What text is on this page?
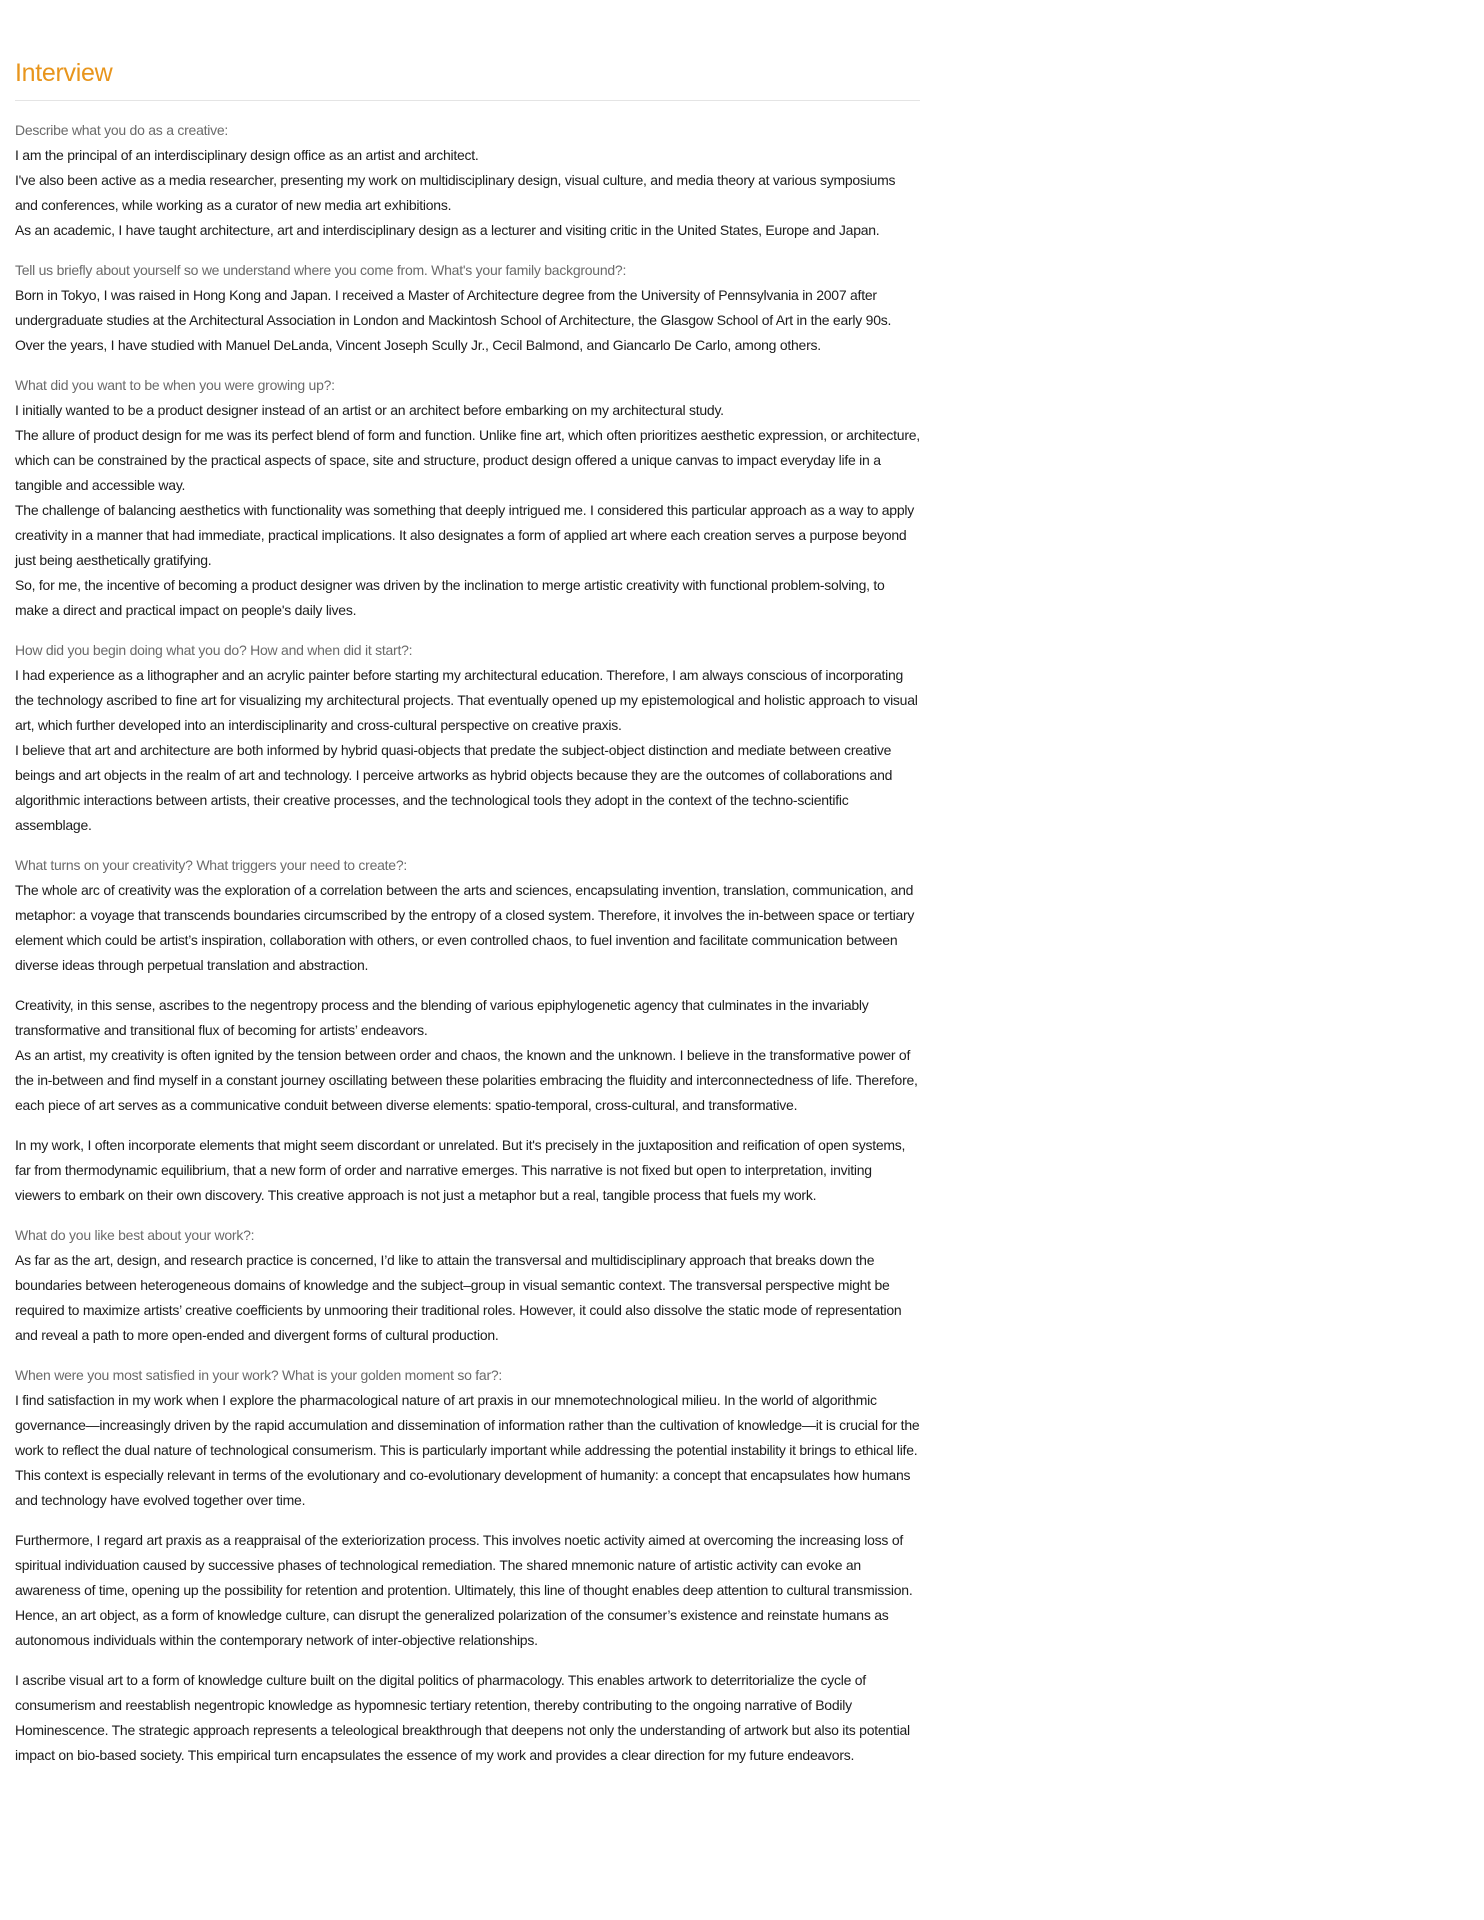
Interview
Describe what you do as a creative:
I am the principal of an interdisciplinary design office as an artist and architect.
I've also been active as a media researcher, presenting my work on multidisciplinary design, visual culture, and media theory at various symposiums and conferences, while working as a curator of new media art exhibitions.
As an academic, I have taught architecture, art and interdisciplinary design as a lecturer and visiting critic in the United States, Europe and Japan.
Tell us briefly about yourself so we understand where you come from. What's your family background?:
Born in Tokyo, I was raised in Hong Kong and Japan. I received a Master of Architecture degree from the University of Pennsylvania in 2007 after undergraduate studies at the Architectural Association in London and Mackintosh School of Architecture, the Glasgow School of Art in the early 90s.
Over the years, I have studied with Manuel DeLanda, Vincent Joseph Scully Jr., Cecil Balmond, and Giancarlo De Carlo, among others.
What did you want to be when you were growing up?:
I initially wanted to be a product designer instead of an artist or an architect before embarking on my architectural study.
The allure of product design for me was its perfect blend of form and function. Unlike fine art, which often prioritizes aesthetic expression, or architecture, which can be constrained by the practical aspects of space, site and structure, product design offered a unique canvas to impact everyday life in a tangible and accessible way.
The challenge of balancing aesthetics with functionality was something that deeply intrigued me. I considered this particular approach as a way to apply creativity in a manner that had immediate, practical implications. It also designates a form of applied art where each creation serves a purpose beyond just being aesthetically gratifying.
So, for me, the incentive of becoming a product designer was driven by the inclination to merge artistic creativity with functional problem-solving, to make a direct and practical impact on people's daily lives.
How did you begin doing what you do? How and when did it start?:
I had experience as a lithographer and an acrylic painter before starting my architectural education. Therefore, I am always conscious of incorporating the technology ascribed to fine art for visualizing my architectural projects. That eventually opened up my epistemological and holistic approach to visual art, which further developed into an interdisciplinarity and cross-cultural perspective on creative praxis.
I believe that art and architecture are both informed by hybrid quasi-objects that predate the subject-object distinction and mediate between creative beings and art objects in the realm of art and technology. I perceive artworks as hybrid objects because they are the outcomes of collaborations and algorithmic interactions between artists, their creative processes, and the technological tools they adopt in the context of the techno-scientific assemblage.
What turns on your creativity? What triggers your need to create?:
The whole arc of creativity was the exploration of a correlation between the arts and sciences, encapsulating invention, translation, communication, and metaphor: a voyage that transcends boundaries circumscribed by the entropy of a closed system. Therefore, it involves the in-between space or tertiary element which could be artist’s inspiration, collaboration with others, or even controlled chaos, to fuel invention and facilitate communication between diverse ideas through perpetual translation and abstraction.
Creativity, in this sense, ascribes to the negentropy process and the blending of various epiphylogenetic agency that culminates in the invariably transformative and transitional flux of becoming for artists’ endeavors.
As an artist, my creativity is often ignited by the tension between order and chaos, the known and the unknown. I believe in the transformative power of the in-between and find myself in a constant journey oscillating between these polarities embracing the fluidity and interconnectedness of life. Therefore, each piece of art serves as a communicative conduit between diverse elements: spatio-temporal, cross-cultural, and transformative.
In my work, I often incorporate elements that might seem discordant or unrelated. But it's precisely in the juxtaposition and reification of open systems, far from thermodynamic equilibrium, that a new form of order and narrative emerges. This narrative is not fixed but open to interpretation, inviting viewers to embark on their own discovery. This creative approach is not just a metaphor but a real, tangible process that fuels my work.
What do you like best about your work?:
As far as the art, design, and research practice is concerned, I’d like to attain the transversal and multidisciplinary approach that breaks down the boundaries between heterogeneous domains of knowledge and the subject–group in visual semantic context. The transversal perspective might be required to maximize artists’ creative coefficients by unmooring their traditional roles. However, it could also dissolve the static mode of representation and reveal a path to more open-ended and divergent forms of cultural production.
When were you most satisfied in your work? What is your golden moment so far?:
I find satisfaction in my work when I explore the pharmacological nature of art praxis in our mnemotechnological milieu. In the world of algorithmic governance—increasingly driven by the rapid accumulation and dissemination of information rather than the cultivation of knowledge—it is crucial for the work to reflect the dual nature of technological consumerism. This is particularly important while addressing the potential instability it brings to ethical life. This context is especially relevant in terms of the evolutionary and co-evolutionary development of humanity: a concept that encapsulates how humans and technology have evolved together over time.
Furthermore, I regard art praxis as a reappraisal of the exteriorization process. This involves noetic activity aimed at overcoming the increasing loss of spiritual individuation caused by successive phases of technological remediation. The shared mnemonic nature of artistic activity can evoke an awareness of time, opening up the possibility for retention and protention. Ultimately, this line of thought enables deep attention to cultural transmission. Hence, an art object, as a form of knowledge culture, can disrupt the generalized polarization of the consumer’s existence and reinstate humans as autonomous individuals within the contemporary network of inter-objective relationships.
I ascribe visual art to a form of knowledge culture built on the digital politics of pharmacology. This enables artwork to deterritorialize the cycle of consumerism and reestablish negentropic knowledge as hypomnesic tertiary retention, thereby contributing to the ongoing narrative of Bodily Hominescence. The strategic approach represents a teleological breakthrough that deepens not only the understanding of artwork but also its potential impact on bio-based society. This empirical turn encapsulates the essence of my work and provides a clear direction for my future endeavors.
